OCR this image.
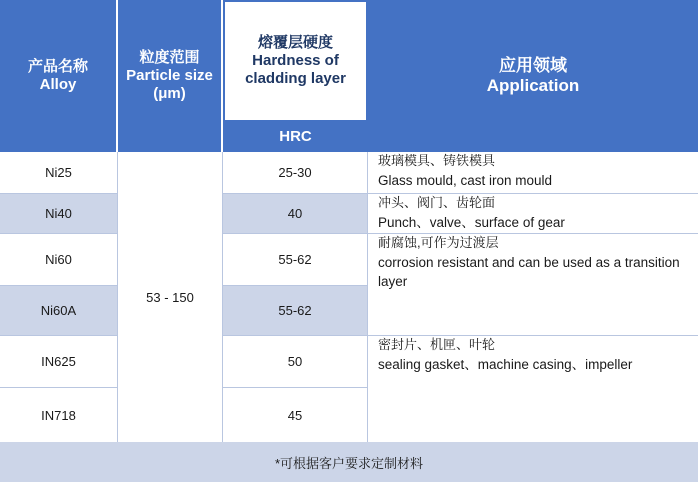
产品名称
Alloy
粒度范围
Particle size
(μm)
熔覆层硬度
Hardness of cladding layer
HRC
应用领域
Application
Ni25
Ni40
Ni60
Ni60A
IN625
IN718
53 - 150
25-30
40
55-62
55-62
50
45
玻璃模具、铸铁模具
Glass mould, cast iron mould
冲头、阀门、齿轮面
Punch、valve、surface of gear
耐腐蚀,可作为过渡层
corrosion resistant and can be used as a transition layer
密封片、机匣、叶轮
sealing gasket、machine casing、impeller
*可根据客户要求定制材料
